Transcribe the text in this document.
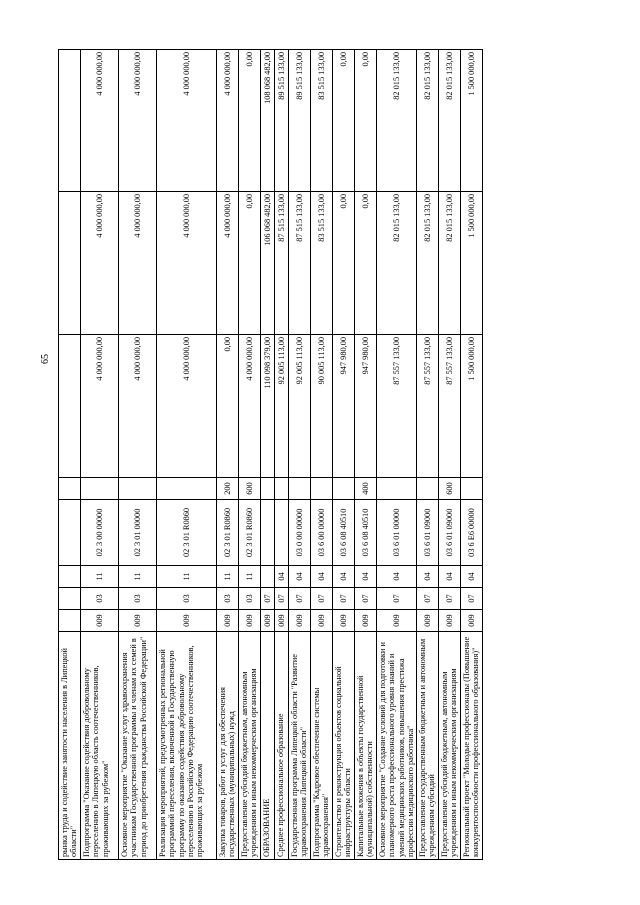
65
рынка труда и содействие занятости населения в Липецкой области"								
Подпрограмма "Оказание содействия добровольному переселению в Липецкую область соотечественников, проживающих за рубежом"	009	03	11	02 3 00 00000		4 000 000,00	4 000 000,00	4 000 000,00
Основное мероприятие "Оказание услуг здравоохранения участникам Государственной программы и членам их семей в период до приобретения гражданства Российской Федерации"	009	03	11	02 3 01 00000		4 000 000,00	4 000 000,00	4 000 000,00
Реализация мероприятий, предусмотренных региональной программой переселения, включенной в Государственную программу по оказанию содействия добровольному переселению в Российскую Федерацию соотечественников, проживающих за рубежом	009	03	11	02 3 01 R0860		4 000 000,00	4 000 000,00	4 000 000,00
Закупка товаров, работ и услуг для обеспечения государственных (муниципальных) нужд	009	03	11	02 3 01 R0860	200	0,00	4 000 000,00	4 000 000,00
Предоставление субсидий бюджетным, автономным учреждениям и иным некоммерческим организациям	009	03	11	02 3 01 R0860	600	4 000 000,00	0,00	0,00
ОБРАЗОВАНИЕ	009	07				110 098 379,00	106 068 482,00	108 068 482,00
Среднее профессиональное образование	009	07	04			92 005 113,00	87 515 133,00	89 515 133,00
Государственная программа Липецкой области "Развитие здравоохранения Липецкой области"	009	07	04	03 0 00 00000		92 005 113,00	87 515 133,00	89 515 133,00
Подпрограмма "Кадровое обеспечение системы здравоохранения"	009	07	04	03 6 00 00000		90 005 113,00	83 515 133,00	83 515 133,00
Строительство и реконструкция объектов социальной инфраструктуры области	009	07	04	03 6 08 40510		947 980,00	0,00	0,00
Капитальные вложения в объекты государственной (муниципальной) собственности	009	07	04	03 6 08 40510	400	947 980,00	0,00	0,00
Основное мероприятие "Создание условий для подготовки и планомерного роста профессионального уровня знаний и умений медицинских работников, повышения престижа профессии медицинского работника"	009	07	04	03 6 01 00000		87 557 133,00	82 015 133,00	82 015 133,00
Предоставление государственным бюджетным и автономным учреждениям субсидий	009	07	04	03 6 01 09000		87 557 133,00	82 015 133,00	82 015 133,00
Предоставление субсидий бюджетным, автономным учреждениям и иным некоммерческим организациям	009	07	04	03 6 01 09000	600	87 557 133,00	82 015 133,00	82 015 133,00
Региональный проект "Молодые профессионалы (Повышение конкурентоспособности профессионального образования)"	009	07	04	03 6 E6 00000		1 500 000,00	1 500 000,00	1 500 000,00
